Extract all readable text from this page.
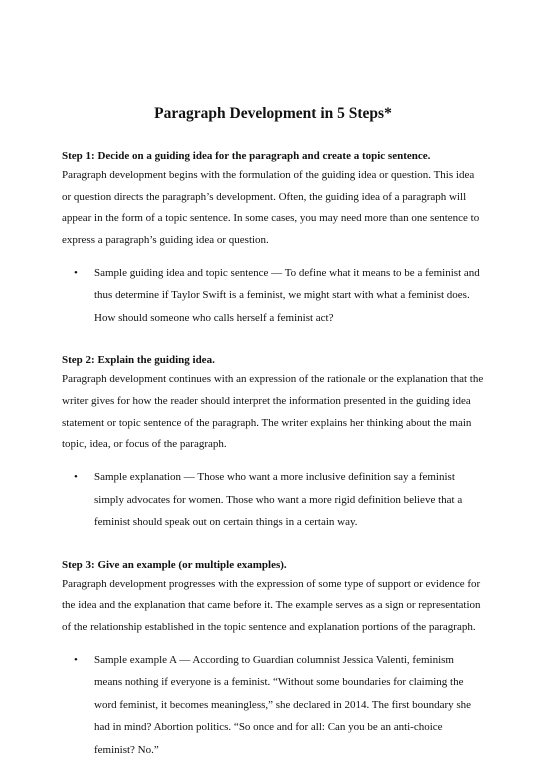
Paragraph Development in 5 Steps*

Step 1: Decide on a guiding idea for the paragraph and create a topic sentence.

Paragraph development begins with the formulation of the guiding idea or question. This idea or question directs the paragraph’s development. Often, the guiding idea of a paragraph will appear in the form of a topic sentence. In some cases, you may need more than one sentence to express a paragraph’s guiding idea or question.

• Sample guiding idea and topic sentence — To define what it means to be a feminist and thus determine if Taylor Swift is a feminist, we might start with what a feminist does. How should someone who calls herself a feminist act?

Step 2: Explain the guiding idea.

Paragraph development continues with an expression of the rationale or the explanation that the writer gives for how the reader should interpret the information presented in the guiding idea statement or topic sentence of the paragraph. The writer explains her thinking about the main topic, idea, or focus of the paragraph.

• Sample explanation — Those who want a more inclusive definition say a feminist simply advocates for women. Those who want a more rigid definition believe that a feminist should speak out on certain things in a certain way.

Step 3: Give an example (or multiple examples).

Paragraph development progresses with the expression of some type of support or evidence for the idea and the explanation that came before it. The example serves as a sign or representation of the relationship established in the topic sentence and explanation portions of the paragraph.

• Sample example A — According to Guardian columnist Jessica Valenti, feminism means nothing if everyone is a feminist. “Without some boundaries for claiming the word feminist, it becomes meaningless,” she declared in 2014. The first boundary she had in mind? Abortion politics. “So once and for all: Can you be an anti-choice feminist? No.”
